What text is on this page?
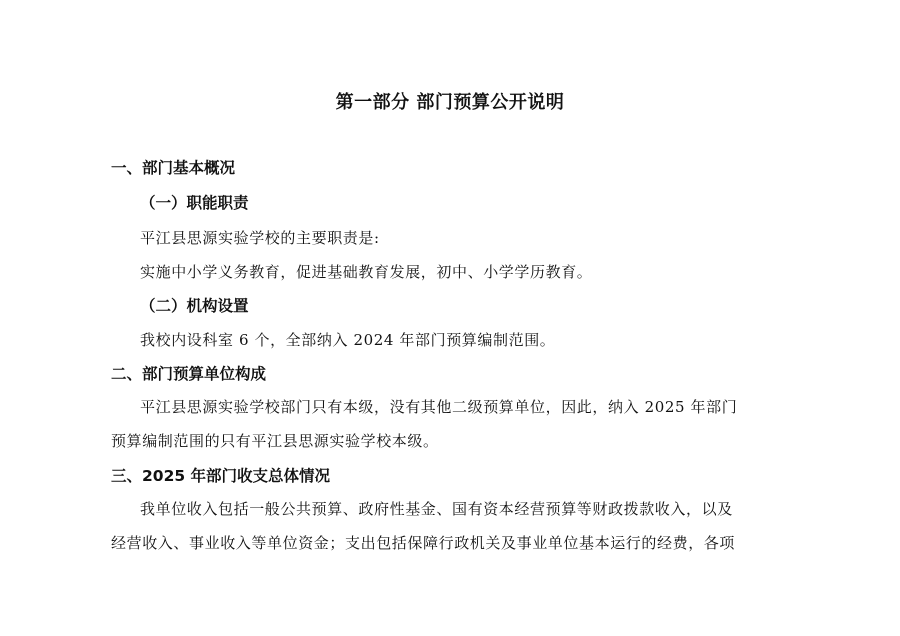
第一部分 部门预算公开说明
一、部门基本概况
（一）职能职责
平江县思源实验学校的主要职责是:
实施中小学义务教育，促进基础教育发展，初中、小学学历教育。
（二）机构设置
我校内设科室 6 个，全部纳入 2024 年部门预算编制范围。
二、部门预算单位构成
平江县思源实验学校部门只有本级，没有其他二级预算单位，因此，纳入 2025 年部门
预算编制范围的只有平江县思源实验学校本级。
三、2025 年部门收支总体情况
我单位收入包括一般公共预算、政府性基金、国有资本经营预算等财政拨款收入，以及
经营收入、事业收入等单位资金；支出包括保障行政机关及事业单位基本运行的经费，各项
